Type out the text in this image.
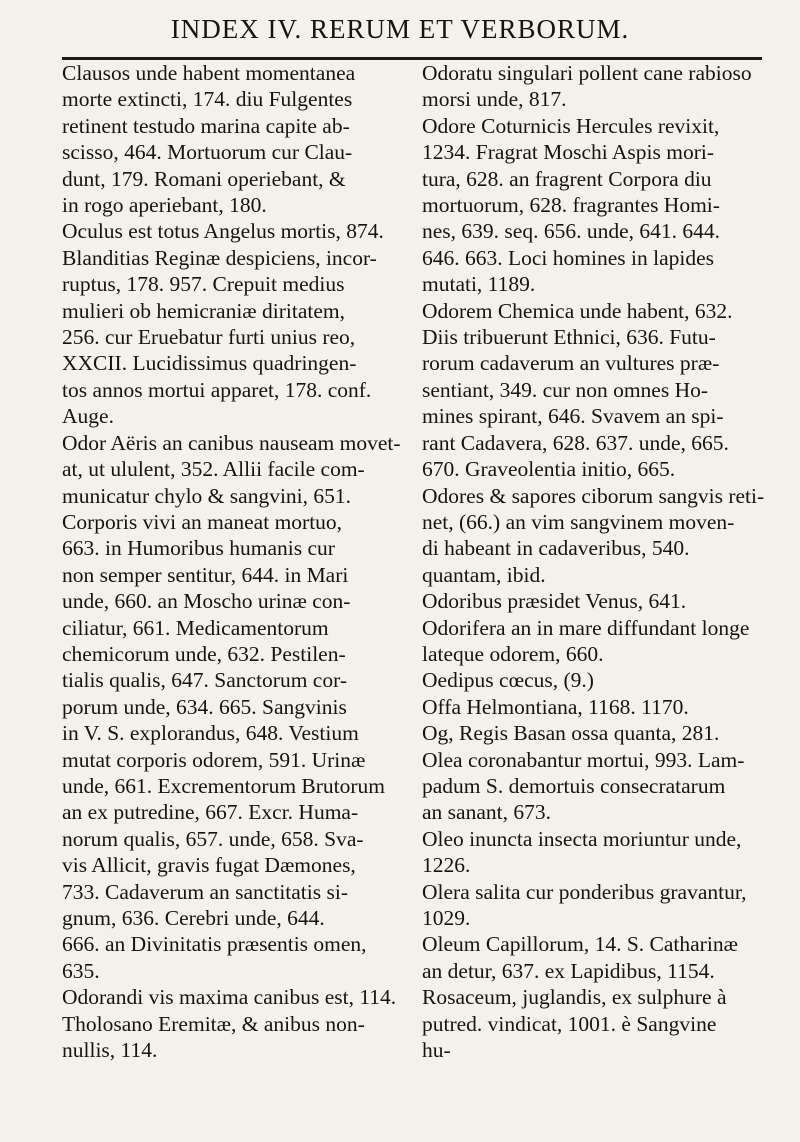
INDEX IV. RERUM ET VERBORUM.
Clausos unde habent momentanea
morte extincti, 174. diu Fulgentes
retinent testudo marina capite ab-
scisso, 464. Mortuorum cur Clau-
dunt, 179. Romani operiebant, &
in rogo aperiebant, 180.
Oculus est totus Angelus mortis, 874.
Blanditias Reginæ despiciens, incor-
ruptus, 178. 957. Crepuit medius
mulieri ob hemicraniæ diritatem,
256. cur Eruebatur furti unius reo,
XXCII. Lucidissimus quadringen-
tos annos mortui apparet, 178. conf.
Auge.
Odor Aëris an canibus nauseam movet-
at, ut ululent, 352. Allii facile com-
municatur chylo & sangvini, 651.
Corporis vivi an maneat mortuo,
663. in Humoribus humanis cur
non semper sentitur, 644. in Mari
unde, 660. an Moscho urinæ con-
ciliatur, 661. Medicamentorum
chemicorum unde, 632. Pestilen-
tialis qualis, 647. Sanctorum cor-
porum unde, 634. 665. Sangvinis
in V. S. explorandus, 648. Vestium
mutat corporis odorem, 591. Urinæ
unde, 661. Excrementorum Brutorum
an ex putredine, 667. Excr. Huma-
norum qualis, 657. unde, 658. Sva-
vis Allicit, gravis fugat Dæmones,
733. Cadaverum an sanctitatis si-
gnum, 636. Cerebri unde, 644.
666. an Divinitatis præsentis omen,
635.
Odorandi vis maxima canibus est, 114.
Tholosano Eremitæ, & anibus non-
nullis, 114.
Odoratu singulari pollent cane rabioso
morsi unde, 817.
Odore Coturnicis Hercules revixit,
1234. Fragrat Moschi Aspis mori-
tura, 628. an fragrent Corpora diu
mortuorum, 628. fragrantes Homi-
nes, 639. seq. 656. unde, 641. 644.
646. 663. Loci homines in lapides
mutati, 1189.
Odorem Chemica unde habent, 632.
Diis tribuerunt Ethnici, 636. Futu-
rorum cadaverum an vultures præ-
sentiant, 349. cur non omnes Ho-
mines spirant, 646. Svavem an spi-
rant Cadavera, 628. 637. unde, 665.
670. Graveolentia initio, 665.
Odores & sapores ciborum sangvis reti-
net, (66.) an vim sangvinem moven-
di habeant in cadaveribus, 540.
quantam, ibid.
Odoribus præsidet Venus, 641.
Odorifera an in mare diffundant longe
lateque odorem, 660.
Oedipus cœcus, (9.)
Offa Helmontiana, 1168. 1170.
Og, Regis Basan ossa quanta, 281.
Olea coronabantur mortui, 993. Lam-
padum S. demortuis consecratarum
an sanant, 673.
Oleo inuncta insecta moriuntur unde,
1226.
Olera salita cur ponderibus gravantur,
1029.
Oleum Capillorum, 14. S. Catharinæ
an detur, 637. ex Lapidibus, 1154.
Rosaceum, juglandis, ex sulphure à
putred. vindicat, 1001. è Sangvine
hu-
